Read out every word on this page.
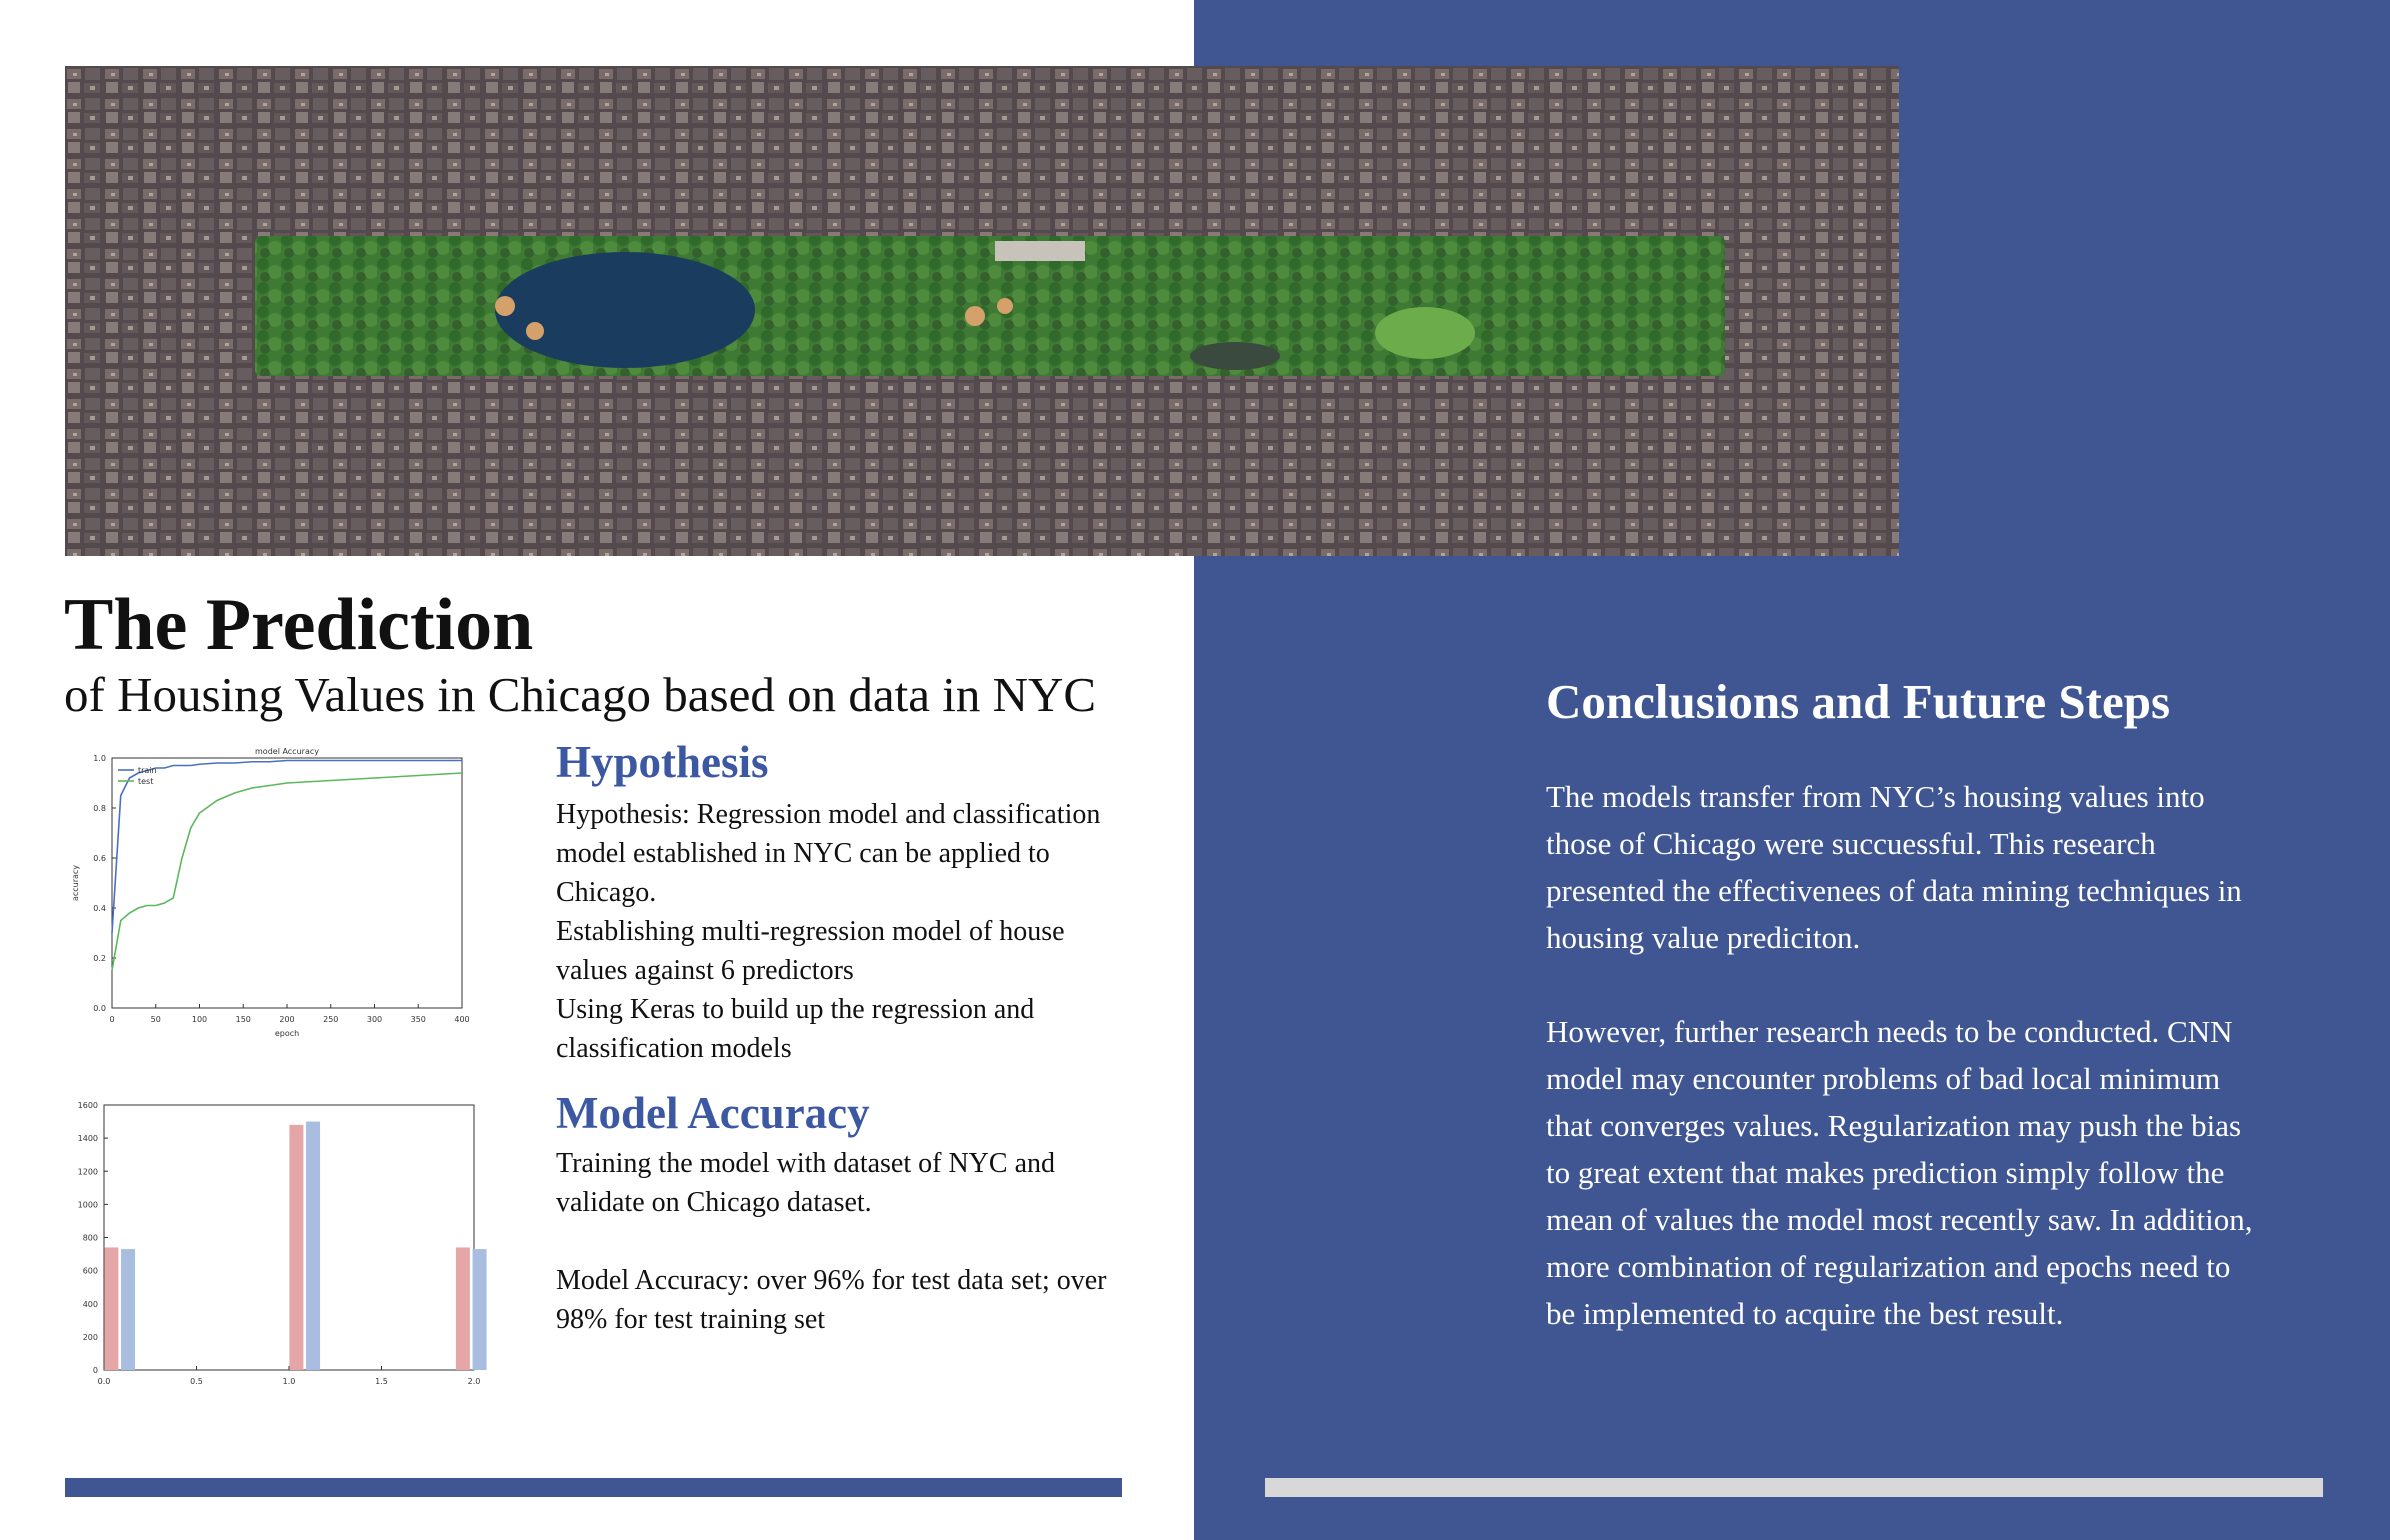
The Prediction
of Housing Values in Chicago based on data in NYC
model Accuracy
0.0
0.2
0.4
0.6
0.8
1.0
0	50	100	150	200	250	300	350	400
epoch
accuracy
train
test
0
200
400
600
800
1000
1200
1400
1600
0.0	0.5	1.0	1.5	2.0
Hypothesis

Hypothesis: Regression model and classification model established in NYC can be applied to Chicago.

Establishing multi-regression model of house values against 6 predictors

Using Keras to build up the regression and classification models

Model Accuracy

Training the model with dataset of NYC and validate on Chicago dataset.

Model Accuracy: over 96% for test data set; over 98% for test training set

Conclusions and Future Steps

The models transfer from NYC’s housing values into those of Chicago were succuessful. This research presented the effectivenees of data mining techniques in housing value prediciton.

However, further research needs to be conducted. CNN model may encounter problems of bad local minimum that converges values. Regularization may push the bias to great extent that makes prediction simply follow the mean of values the model most recently saw. In addition, more combination of regularization and epochs need to be implemented to acquire the best result.
